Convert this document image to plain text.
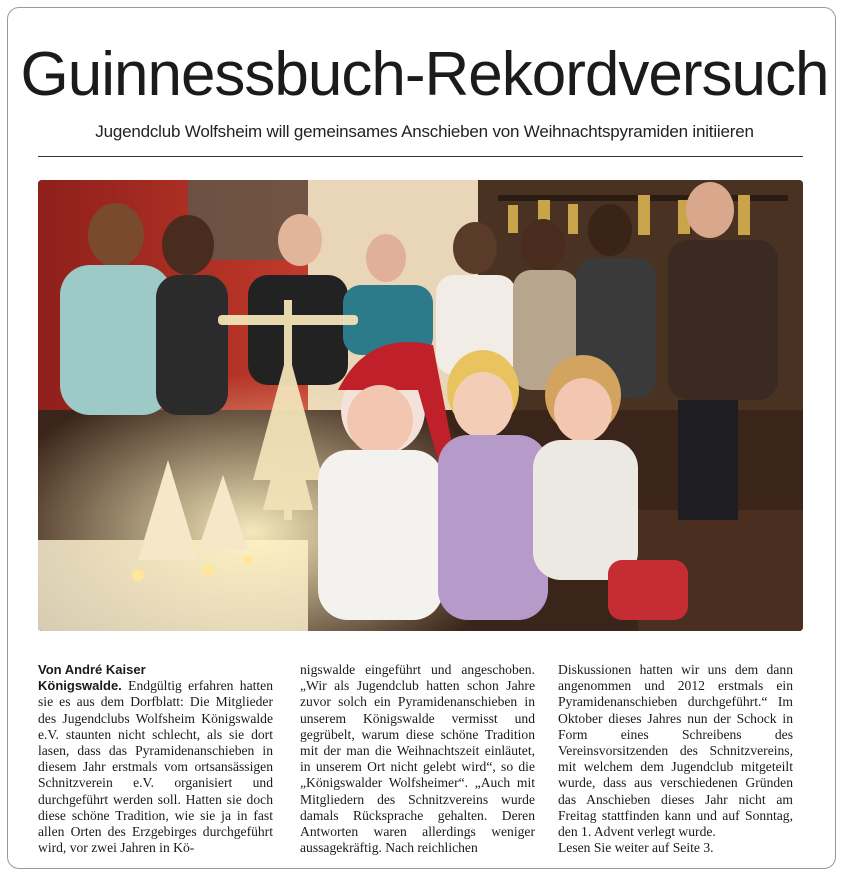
Guinnessbuch-Rekordversuch
Jugendclub Wolfsheim will gemeinsames Anschieben von Weihnachtspyramiden initiieren
Von André Kaiser

Königswalde. Endgültig erfahren hatten sie es aus dem Dorfblatt: Die Mitglieder des Jugendclubs Wolfsheim Königswalde e.V. staunten nicht schlecht, als sie dort lasen, dass das Pyramidenanschieben in diesem Jahr erstmals vom ortsansässigen Schnitzverein e.V. organisiert und durchgeführt werden soll. Hatten sie doch diese schöne Tradition, wie sie ja in fast allen Orten des Erzgebirges durchgeführt wird, vor zwei Jahren in Kö-

nigswalde eingeführt und angeschoben. „Wir als Jugendclub hatten schon Jahre zuvor solch ein Pyramidenanschieben in unserem Königswalde vermisst und gegrübelt, warum diese schöne Tradition mit der man die Weihnachtszeit einläutet, in unserem Ort nicht gelebt wird“, so die „Königswalder Wolfsheimer“. „Auch mit Mitgliedern des Schnitzvereins wurde damals Rücksprache gehalten. Deren Antworten waren allerdings weniger aussagekräftig. Nach reichlichen

Diskussionen hatten wir uns dem dann angenommen und 2012 erstmals ein Pyramidenanschieben durchgeführt.“ Im Oktober dieses Jahres nun der Schock in Form eines Schreibens des Vereinsvorsitzenden des Schnitzvereins, mit welchem dem Jugendclub mitgeteilt wurde, dass aus verschiedenen Gründen das Anschieben dieses Jahr nicht am Freitag stattfinden kann und auf Sonntag, den 1. Advent verlegt wurde.

Lesen Sie weiter auf Seite 3.
